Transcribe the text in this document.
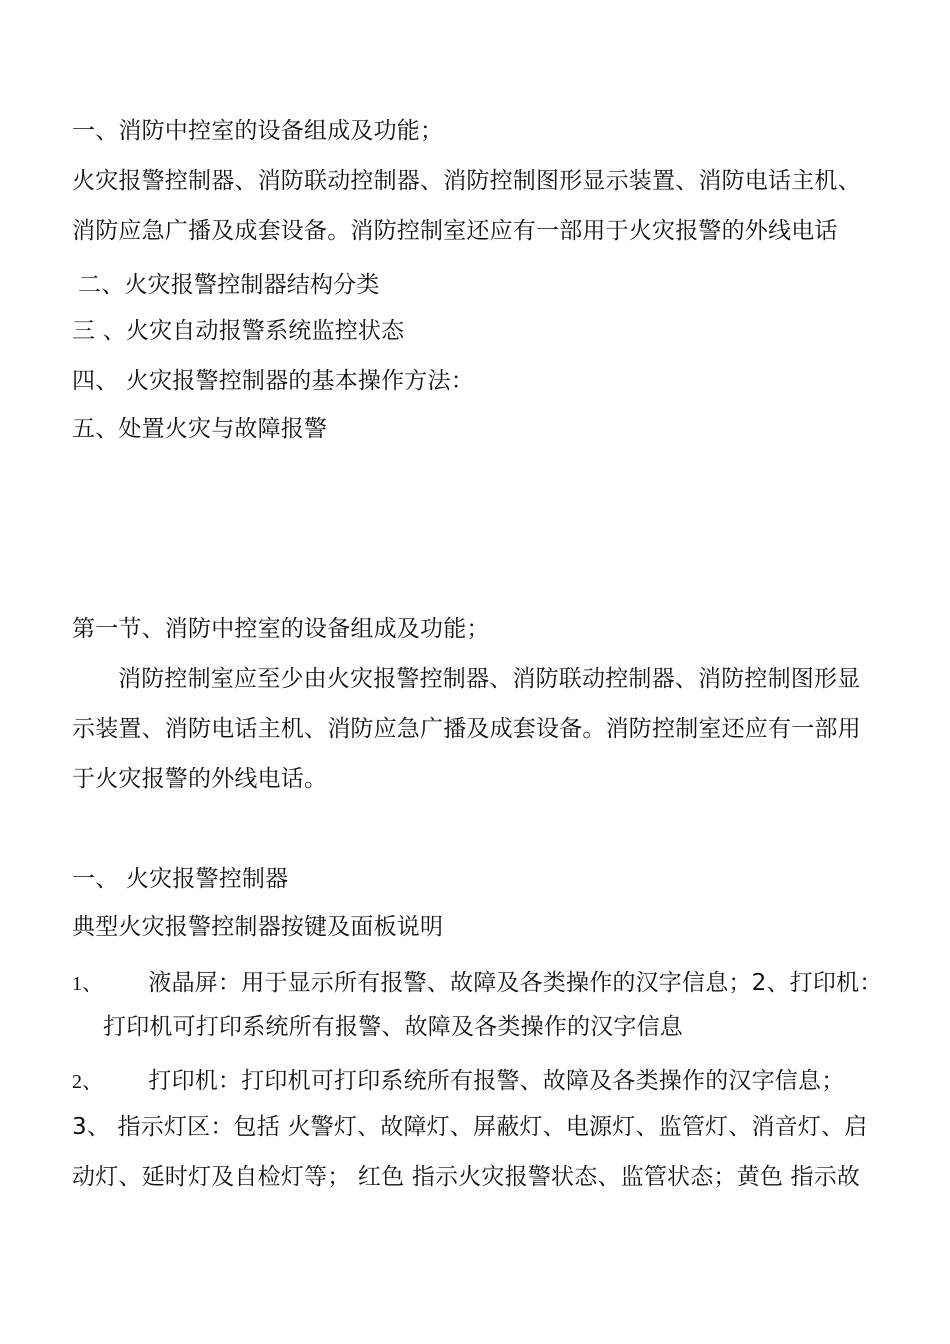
一、消防中控室的设备组成及功能；
火灾报警控制器、消防联动控制器、消防控制图形显示装置、消防电话主机、
消防应急广播及成套设备。消防控制室还应有一部用于火灾报警的外线电话
二、火灾报警控制器结构分类
三 、火灾自动报警系统监控状态
四、 火灾报警控制器的基本操作方法：
五、处置火灾与故障报警
第一节、消防中控室的设备组成及功能；
消防控制室应至少由火灾报警控制器、消防联动控制器、消防控制图形显
示装置、消防电话主机、消防应急广播及成套设备。消防控制室还应有一部用
于火灾报警的外线电话。
一、 火灾报警控制器
典型火灾报警控制器按键及面板说明
1、 液晶屏：用于显示所有报警、故障及各类操作的汉字信息；2、打印机：
打印机可打印系统所有报警、故障及各类操作的汉字信息
2、 打印机：打印机可打印系统所有报警、故障及各类操作的汉字信息；
3、 指示灯区：包括 火警灯、故障灯、屏蔽灯、电源灯、监管灯、消音灯、启
动灯、延时灯及自检灯等； 红色 指示火灾报警状态、监管状态；黄色 指示故
